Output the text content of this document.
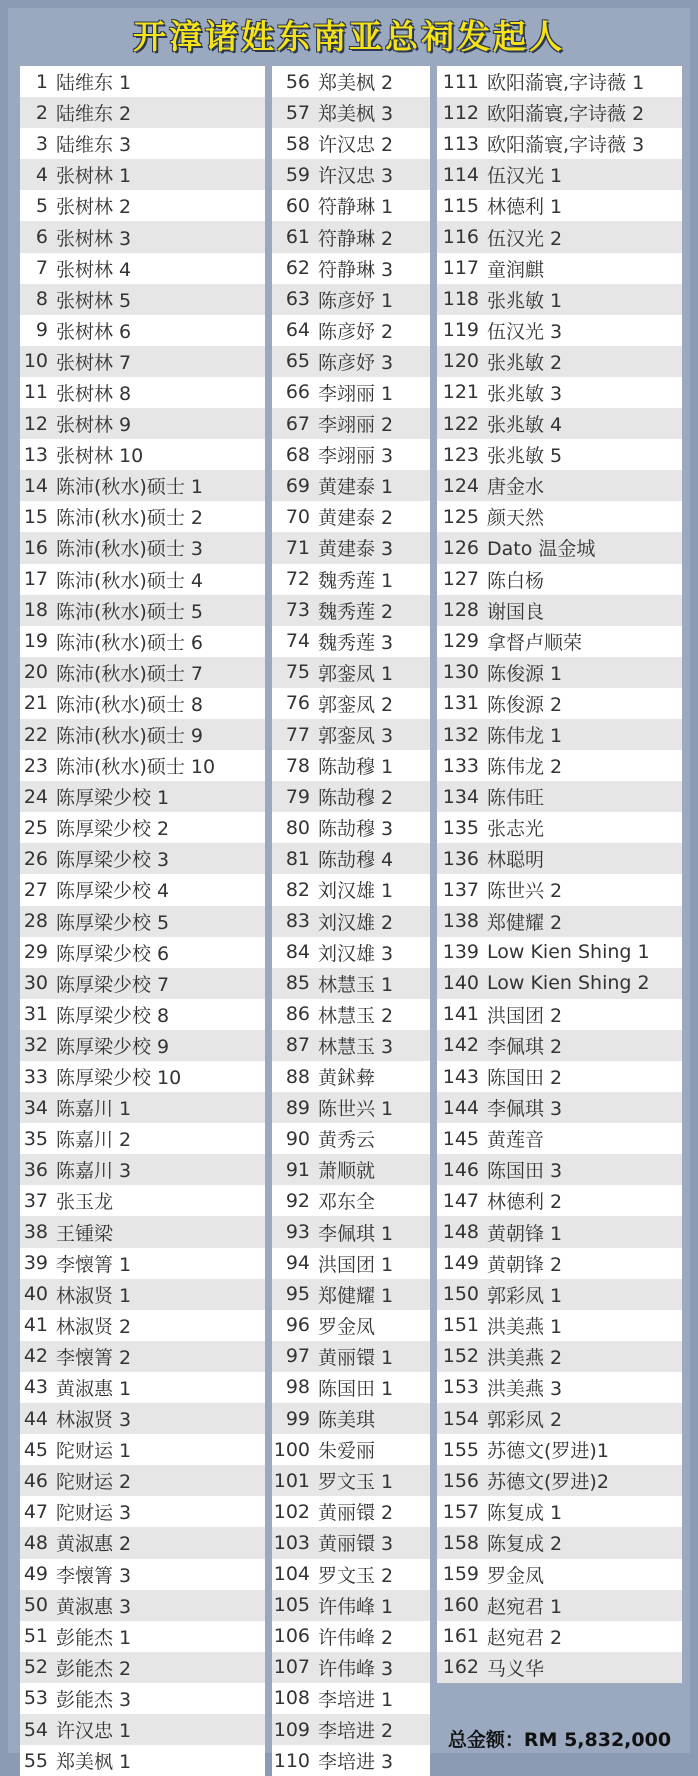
开漳诸姓东南亚总祠发起人
1 陆维东 1
2 陆维东 2
3 陆维东 3
4 张树林 1
5 张树林 2
6 张树林 3
7 张树林 4
8 张树林 5
9 张树林 6
10 张树林 7
11 张树林 8
12 张树林 9
13 张树林 10
14 陈沛(秋水)硕士 1
15 陈沛(秋水)硕士 2
16 陈沛(秋水)硕士 3
17 陈沛(秋水)硕士 4
18 陈沛(秋水)硕士 5
19 陈沛(秋水)硕士 6
20 陈沛(秋水)硕士 7
21 陈沛(秋水)硕士 8
22 陈沛(秋水)硕士 9
23 陈沛(秋水)硕士 10
24 陈厚梁少校 1
25 陈厚梁少校 2
26 陈厚梁少校 3
27 陈厚梁少校 4
28 陈厚梁少校 5
29 陈厚梁少校 6
30 陈厚梁少校 7
31 陈厚梁少校 8
32 陈厚梁少校 9
33 陈厚梁少校 10
34 陈嘉川 1
35 陈嘉川 2
36 陈嘉川 3
37 张玉龙
38 王锺梁
39 李懐箐 1
40 林淑贤 1
41 林淑贤 2
42 李懐箐 2
43 黄淑惠 1
44 林淑贤 3
45 陀财运 1
46 陀财运 2
47 陀财运 3
48 黄淑惠 2
49 李懐箐 3
50 黄淑惠 3
51 彭能杰 1
52 彭能杰 2
53 彭能杰 3
54 许汉忠 1
55 郑美枫 1
56 郑美枫 2
57 郑美枫 3
58 许汉忠 2
59 许汉忠 3
60 符静琳 1
61 符静琳 2
62 符静琳 3
63 陈彦妤 1
64 陈彦妤 2
65 陈彦妤 3
66 李翊丽 1
67 李翊丽 2
68 李翊丽 3
69 黄建泰 1
70 黄建泰 2
71 黄建泰 3
72 魏秀莲 1
73 魏秀莲 2
74 魏秀莲 3
75 郭銮凤 1
76 郭銮凤 2
77 郭銮凤 3
78 陈劼穆 1
79 陈劼穆 2
80 陈劼穆 3
81 陈劼穆 4
82 刘汉雄 1
83 刘汉雄 2
84 刘汉雄 3
85 林慧玉 1
86 林慧玉 2
87 林慧玉 3
88 黄鉥彜
89 陈世兴 1
90 黄秀云
91 萧顺就
92 邓东全
93 李佩琪 1
94 洪国团 1
95 郑健耀 1
96 罗金凤
97 黄丽镮 1
98 陈国田 1
99 陈美琪
100 朱爱丽
101 罗文玉 1
102 黄丽镮 2
103 黄丽镮 3
104 罗文玉 2
105 许伟峰 1
106 许伟峰 2
107 许伟峰 3
108 李培进 1
109 李培进 2
110 李培进 3
111 欧阳蕍寰,字诗薇 1
112 欧阳蕍寰,字诗薇 2
113 欧阳蕍寰,字诗薇 3
114 伍汉光 1
115 林德利 1
116 伍汉光 2
117 童润麒
118 张兆敏 1
119 伍汉光 3
120 张兆敏 2
121 张兆敏 3
122 张兆敏 4
123 张兆敏 5
124 唐金水
125 颜天然
126 Dato 温金城
127 陈白杨
128 谢国良
129 拿督卢顺荣
130 陈俊源 1
131 陈俊源 2
132 陈伟龙 1
133 陈伟龙 2
134 陈伟旺
135 张志光
136 林聪明
137 陈世兴 2
138 郑健耀 2
139 Low Kien Shing 1
140 Low Kien Shing 2
141 洪国团 2
142 李佩琪 2
143 陈国田 2
144 李佩琪 3
145 黄莲音
146 陈国田 3
147 林德利 2
148 黄朝锋 1
149 黄朝锋 2
150 郭彩凤 1
151 洪美燕 1
152 洪美燕 2
153 洪美燕 3
154 郭彩凤 2
155 苏德文(罗进)1
156 苏德文(罗进)2
157 陈复成 1
158 陈复成 2
159 罗金凤
160 赵宛君 1
161 赵宛君 2
162 马义华
总金额：RM 5,832,000
